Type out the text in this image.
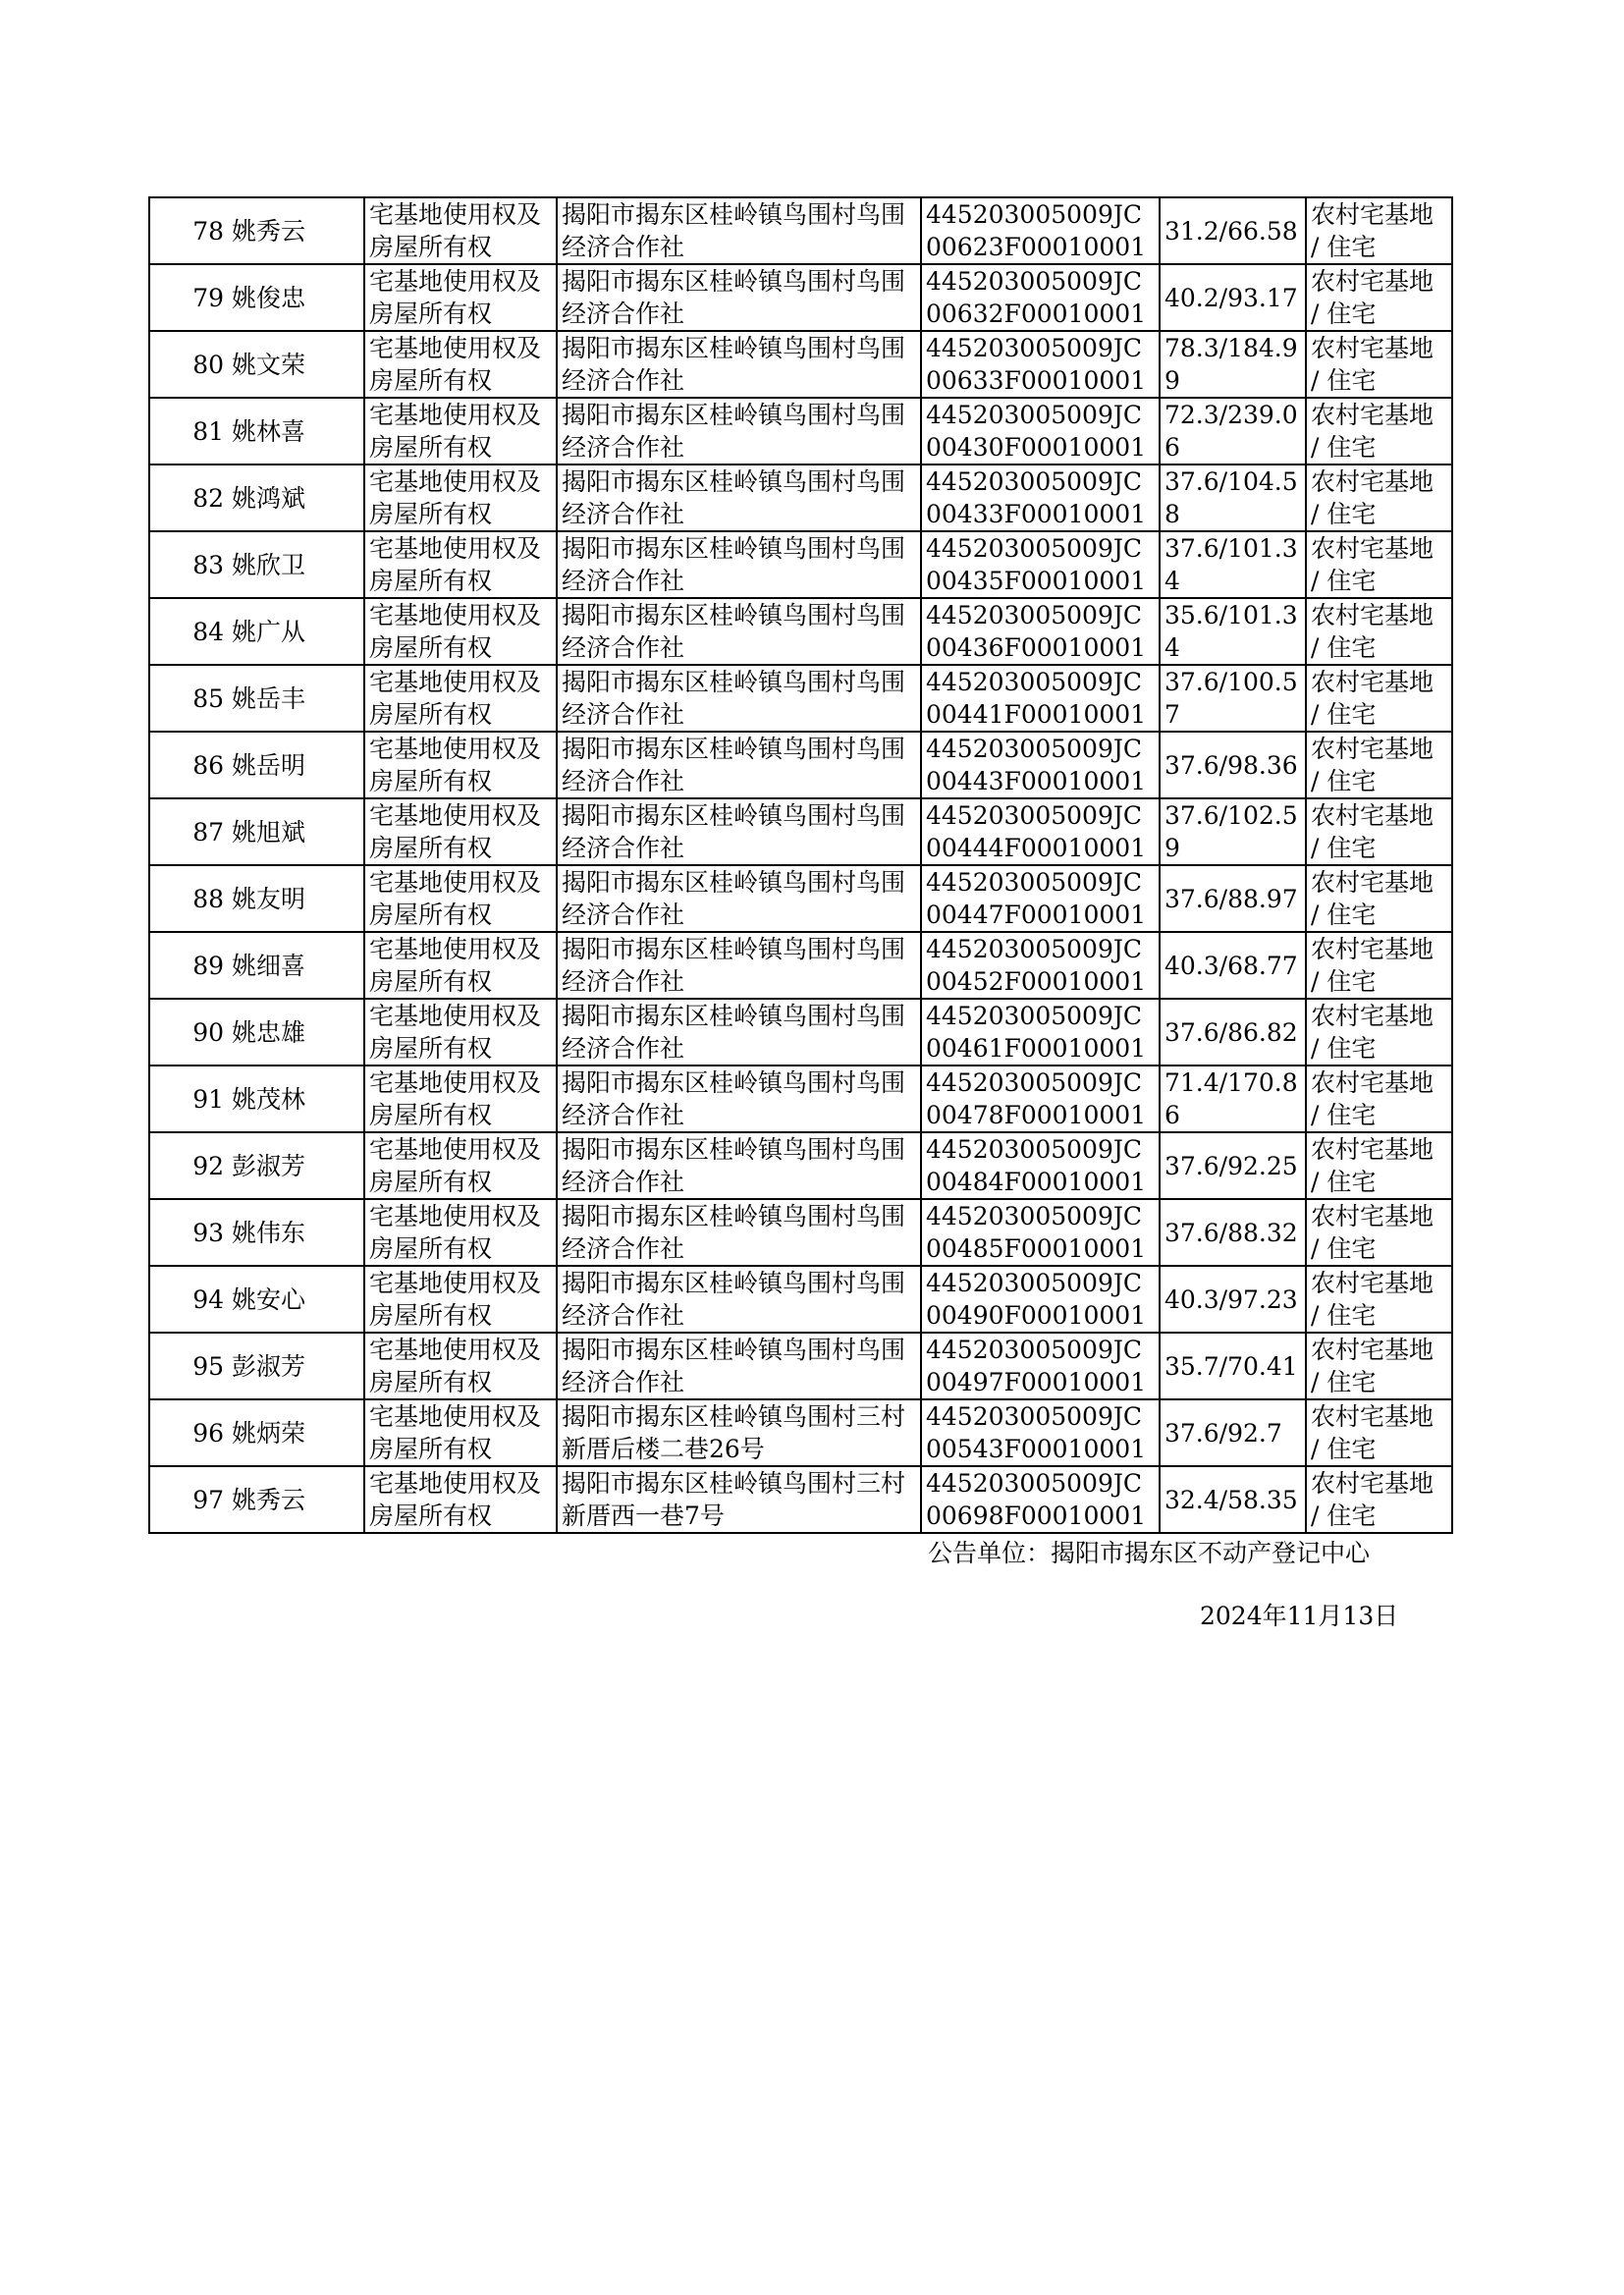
78	姚秀云	宅基地使用权及房屋所有权	揭阳市揭东区桂岭镇鸟围村鸟围经济合作社	445203005009JC00623F00010001	31.2/66.58	农村宅基地 / 住宅

79	姚俊忠	宅基地使用权及房屋所有权	揭阳市揭东区桂岭镇鸟围村鸟围经济合作社	445203005009JC00632F00010001	40.2/93.17	农村宅基地 / 住宅

80	姚文荣	宅基地使用权及房屋所有权	揭阳市揭东区桂岭镇鸟围村鸟围经济合作社	445203005009JC00633F00010001	78.3/184.99	农村宅基地 / 住宅

81	姚林喜	宅基地使用权及房屋所有权	揭阳市揭东区桂岭镇鸟围村鸟围经济合作社	445203005009JC00430F00010001	72.3/239.06	农村宅基地 / 住宅

82	姚鸿斌	宅基地使用权及房屋所有权	揭阳市揭东区桂岭镇鸟围村鸟围经济合作社	445203005009JC00433F00010001	37.6/104.58	农村宅基地 / 住宅

83	姚欣卫	宅基地使用权及房屋所有权	揭阳市揭东区桂岭镇鸟围村鸟围经济合作社	445203005009JC00435F00010001	37.6/101.34	农村宅基地 / 住宅

84	姚广从	宅基地使用权及房屋所有权	揭阳市揭东区桂岭镇鸟围村鸟围经济合作社	445203005009JC00436F00010001	35.6/101.34	农村宅基地 / 住宅

85	姚岳丰	宅基地使用权及房屋所有权	揭阳市揭东区桂岭镇鸟围村鸟围经济合作社	445203005009JC00441F00010001	37.6/100.57	农村宅基地 / 住宅

86	姚岳明	宅基地使用权及房屋所有权	揭阳市揭东区桂岭镇鸟围村鸟围经济合作社	445203005009JC00443F00010001	37.6/98.36	农村宅基地 / 住宅

87	姚旭斌	宅基地使用权及房屋所有权	揭阳市揭东区桂岭镇鸟围村鸟围经济合作社	445203005009JC00444F00010001	37.6/102.59	农村宅基地 / 住宅

88	姚友明	宅基地使用权及房屋所有权	揭阳市揭东区桂岭镇鸟围村鸟围经济合作社	445203005009JC00447F00010001	37.6/88.97	农村宅基地 / 住宅

89	姚细喜	宅基地使用权及房屋所有权	揭阳市揭东区桂岭镇鸟围村鸟围经济合作社	445203005009JC00452F00010001	40.3/68.77	农村宅基地 / 住宅

90	姚忠雄	宅基地使用权及房屋所有权	揭阳市揭东区桂岭镇鸟围村鸟围经济合作社	445203005009JC00461F00010001	37.6/86.82	农村宅基地 / 住宅

91	姚茂林	宅基地使用权及房屋所有权	揭阳市揭东区桂岭镇鸟围村鸟围经济合作社	445203005009JC00478F00010001	71.4/170.86	农村宅基地 / 住宅

92	彭淑芳	宅基地使用权及房屋所有权	揭阳市揭东区桂岭镇鸟围村鸟围经济合作社	445203005009JC00484F00010001	37.6/92.25	农村宅基地 / 住宅

93	姚伟东	宅基地使用权及房屋所有权	揭阳市揭东区桂岭镇鸟围村鸟围经济合作社	445203005009JC00485F00010001	37.6/88.32	农村宅基地 / 住宅

94	姚安心	宅基地使用权及房屋所有权	揭阳市揭东区桂岭镇鸟围村鸟围经济合作社	445203005009JC00490F00010001	40.3/97.23	农村宅基地 / 住宅

95	彭淑芳	宅基地使用权及房屋所有权	揭阳市揭东区桂岭镇鸟围村鸟围经济合作社	445203005009JC00497F00010001	35.7/70.41	农村宅基地 / 住宅

96	姚炳荣	宅基地使用权及房屋所有权	揭阳市揭东区桂岭镇鸟围村三村新厝后楼二巷26号	445203005009JC00543F00010001	37.6/92.7	农村宅基地 / 住宅

97	姚秀云	宅基地使用权及房屋所有权	揭阳市揭东区桂岭镇鸟围村三村新厝西一巷7号	445203005009JC00698F00010001	32.4/58.35	农村宅基地 / 住宅
公告单位：揭阳市揭东区不动产登记中心
2024年11月13日
